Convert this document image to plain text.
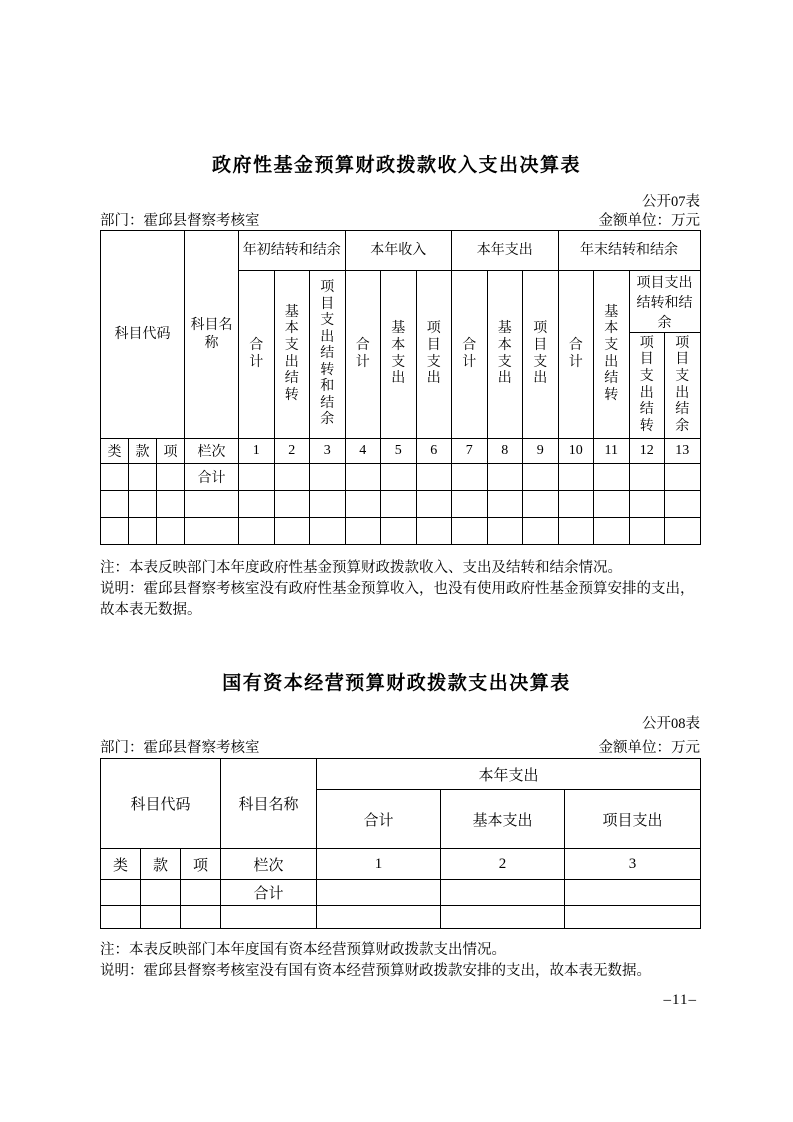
政府性基金预算财政拨款收入支出决算表
公开07表
部门：霍邱县督察考核室	金额单位：万元
科目代码			科目名称	年初结转和结余			本年收入			本年支出			年末结转和结余			
				合计	基本支出结转	项目支出结转和结余	合计	基本支出	项目支出	合计	基本支出	项目支出	合计	基本支出结转	项目支出结转和结余	
															项目支出结转	项目支出结余
类	款	项	栏次	1	2	3	4	5	6	7	8	9	10	11	12	13
			合计													

注：本表反映部门本年度政府性基金预算财政拨款收入、支出及结转和结余情况。
说明：霍邱县督察考核室没有政府性基金预算收入，也没有使用政府性基金预算安排的支出，故本表无数据。
国有资本经营预算财政拨款支出决算表
公开08表
部门：霍邱县督察考核室	金额单位：万元
科目代码			科目名称	本年支出		
				合计	基本支出	项目支出
类	款	项	栏次	1	2	3
			合计			

注：本表反映部门本年度国有资本经营预算财政拨款支出情况。
说明：霍邱县督察考核室没有国有资本经营预算财政拨款安排的支出，故本表无数据。
–11–
